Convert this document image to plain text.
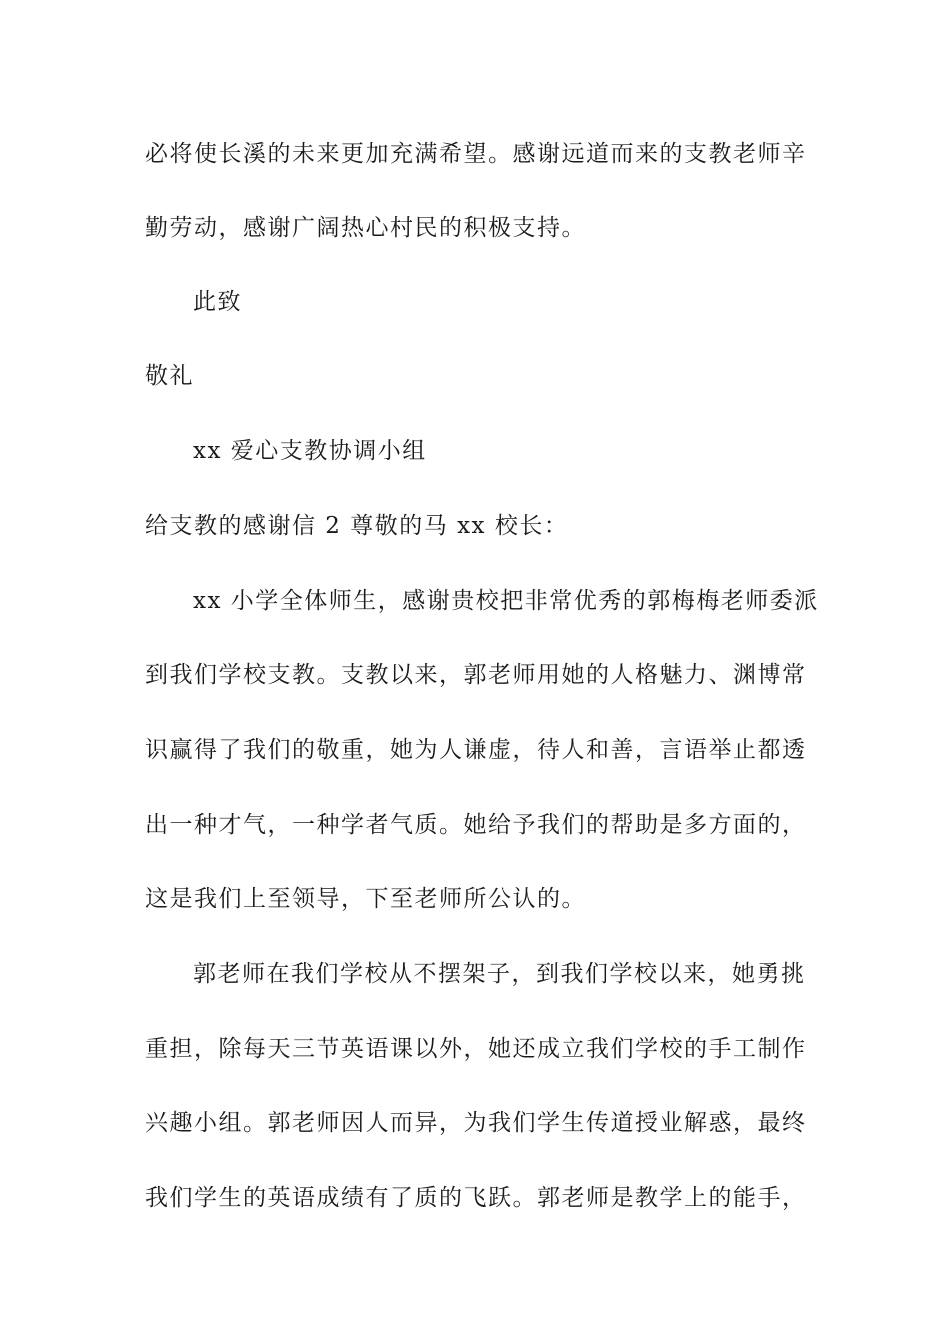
必将使长溪的未来更加充满希望。感谢远道而来的支教老师辛
勤劳动，感谢广阔热心村民的积极支持。
此致
敬礼
xx 爱心支教协调小组
给支教的感谢信 2 尊敬的马 xx 校长：
xx 小学全体师生，感谢贵校把非常优秀的郭梅梅老师委派
到我们学校支教。支教以来，郭老师用她的人格魅力、渊博常
识赢得了我们的敬重，她为人谦虚，待人和善，言语举止都透
出一种才气，一种学者气质。她给予我们的帮助是多方面的，
这是我们上至领导，下至老师所公认的。
郭老师在我们学校从不摆架子，到我们学校以来，她勇挑
重担，除每天三节英语课以外，她还成立我们学校的手工制作
兴趣小组。郭老师因人而异，为我们学生传道授业解惑，最终
我们学生的英语成绩有了质的飞跃。郭老师是教学上的能手，
